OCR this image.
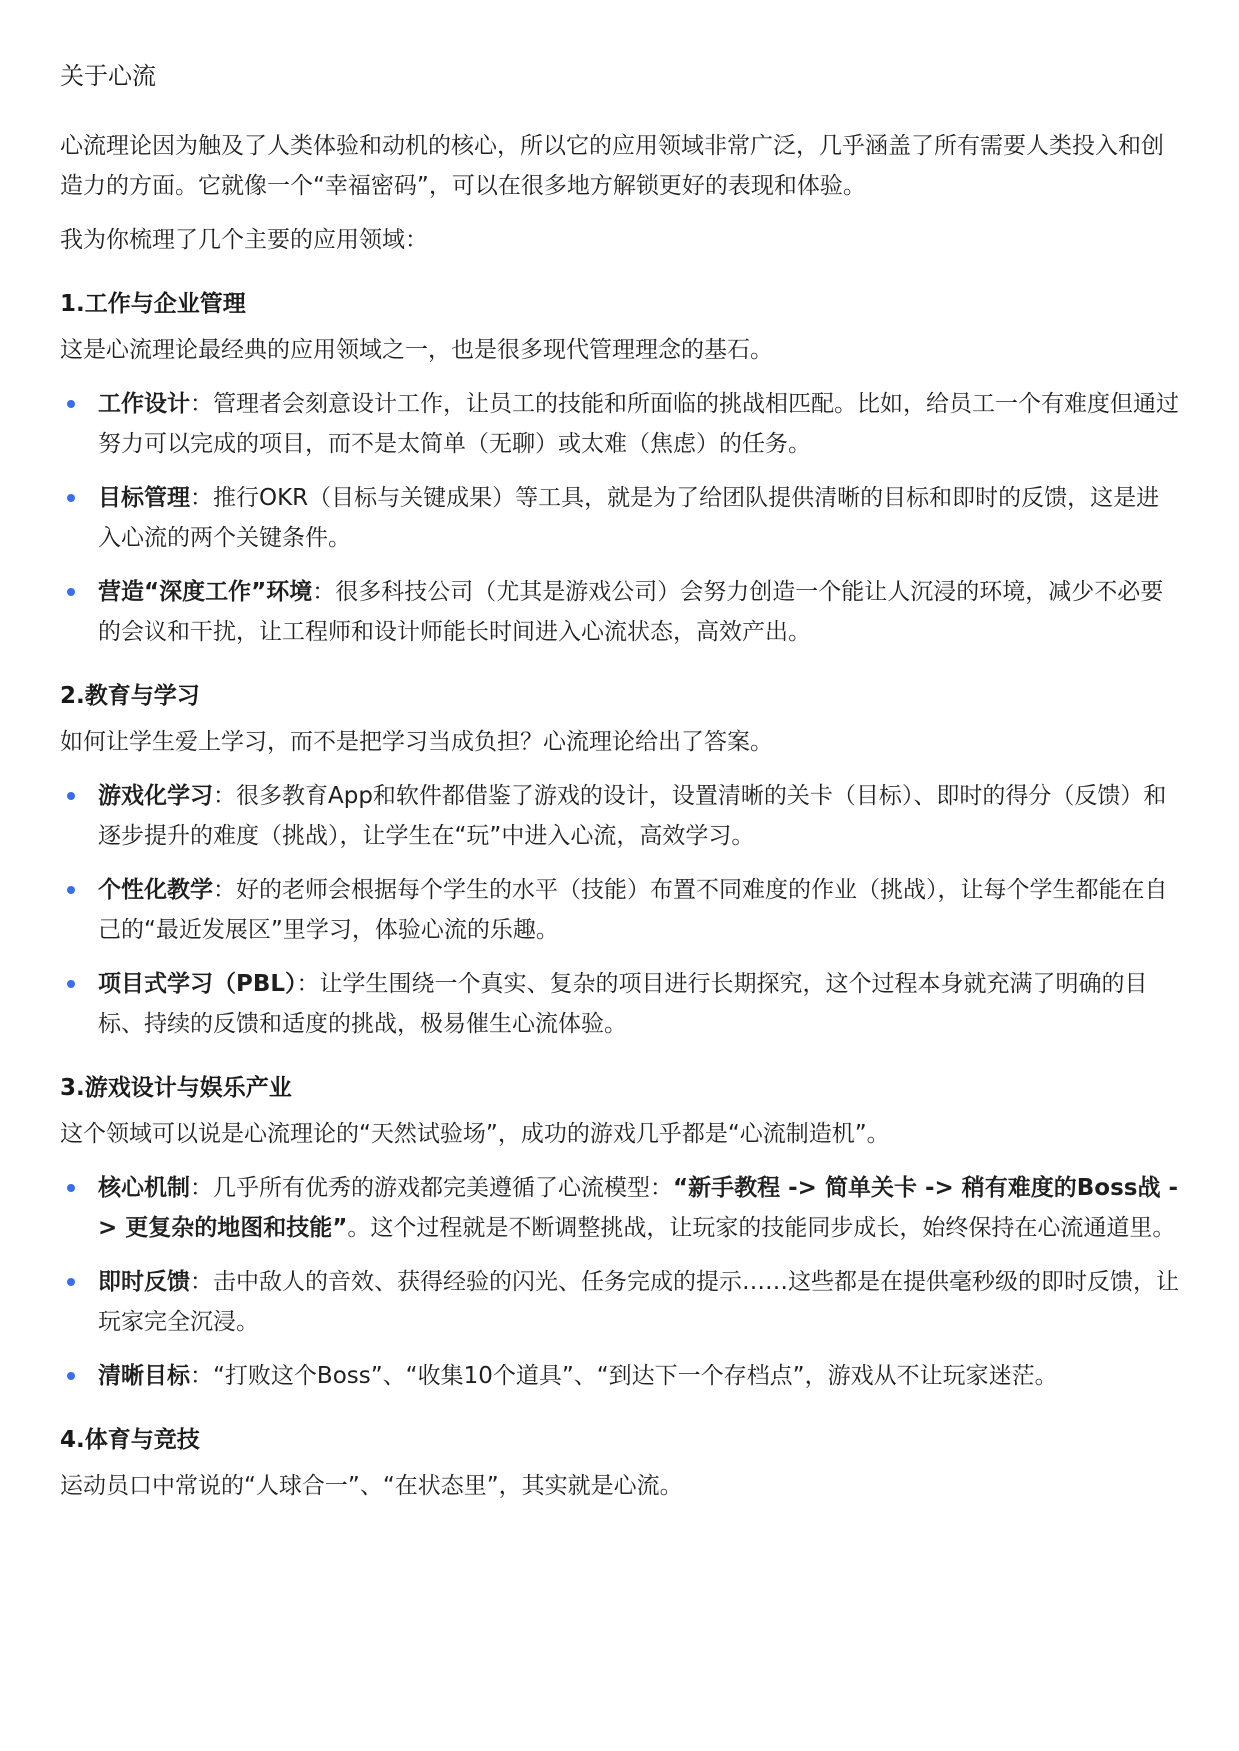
关于心流

心流理论因为触及了人类体验和动机的核心，所以它的应用领域非常广泛，几乎涵盖了所有需要人类投入和创造力的方面。它就像一个“幸福密码”，可以在很多地方解锁更好的表现和体验。

我为你梳理了几个主要的应用领域：

1.工作与企业管理

这是心流理论最经典的应用领域之一，也是很多现代管理理念的基石。

工作设计：管理者会刻意设计工作，让员工的技能和所面临的挑战相匹配。比如，给员工一个有难度但通过努力可以完成的项目，而不是太简单（无聊）或太难（焦虑）的任务。
目标管理：推行OKR（目标与关键成果）等工具，就是为了给团队提供清晰的目标和即时的反馈，这是进入心流的两个关键条件。
营造“深度工作”环境：很多科技公司（尤其是游戏公司）会努力创造一个能让人沉浸的环境，减少不必要的会议和干扰，让工程师和设计师能长时间进入心流状态，高效产出。
2.教育与学习

如何让学生爱上学习，而不是把学习当成负担？心流理论给出了答案。

游戏化学习：很多教育App和软件都借鉴了游戏的设计，设置清晰的关卡（目标）、即时的得分（反馈）和逐步提升的难度（挑战），让学生在“玩”中进入心流，高效学习。
个性化教学：好的老师会根据每个学生的水平（技能）布置不同难度的作业（挑战），让每个学生都能在自己的“最近发展区”里学习，体验心流的乐趣。
项目式学习（PBL）：让学生围绕一个真实、复杂的项目进行长期探究，这个过程本身就充满了明确的目标、持续的反馈和适度的挑战，极易催生心流体验。
3.游戏设计与娱乐产业

这个领域可以说是心流理论的“天然试验场”，成功的游戏几乎都是“心流制造机”。

核心机制：几乎所有优秀的游戏都完美遵循了心流模型：“新手教程 -> 简单关卡 -> 稍有难度的Boss战 -> 更复杂的地图和技能”。这个过程就是不断调整挑战，让玩家的技能同步成长，始终保持在心流通道里。
即时反馈：击中敌人的音效、获得经验的闪光、任务完成的提示……这些都是在提供毫秒级的即时反馈，让玩家完全沉浸。
清晰目标：“打败这个Boss”、“收集10个道具”、“到达下一个存档点”，游戏从不让玩家迷茫。
4.体育与竞技

运动员口中常说的“人球合一”、“在状态里”，其实就是心流。
